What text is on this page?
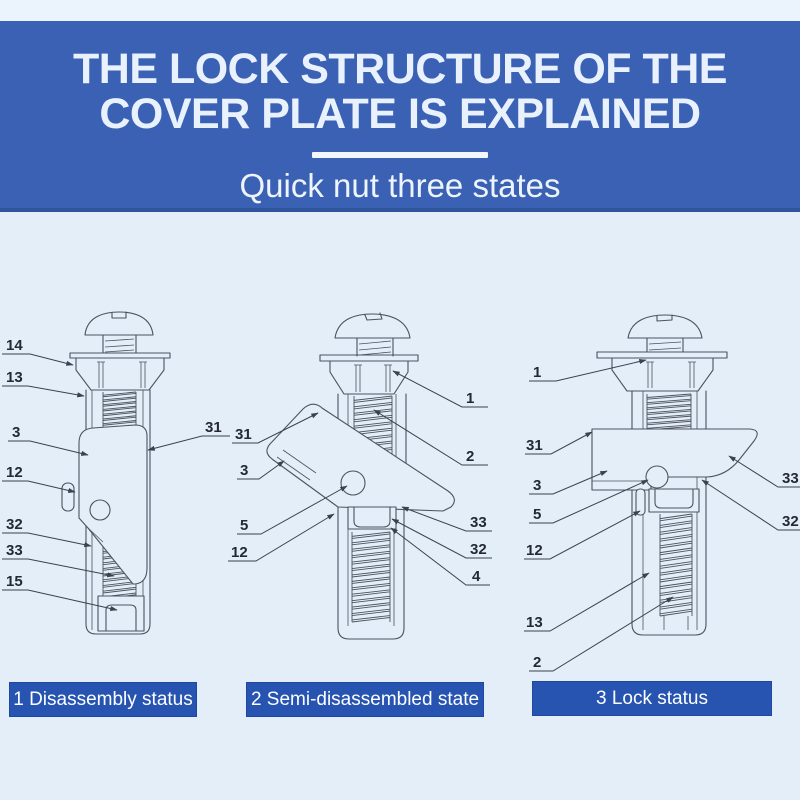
THE LOCK STRUCTURE OF THE
COVER PLATE IS EXPLAINED
Quick nut three states
14
13
3
12
32
33
15
31 31
3
5
12
1
2
33
32
4
1
31
3
5
12
13
2
33
32
1 Disassembly status	2 Semi-disassembled state	3 Lock status
